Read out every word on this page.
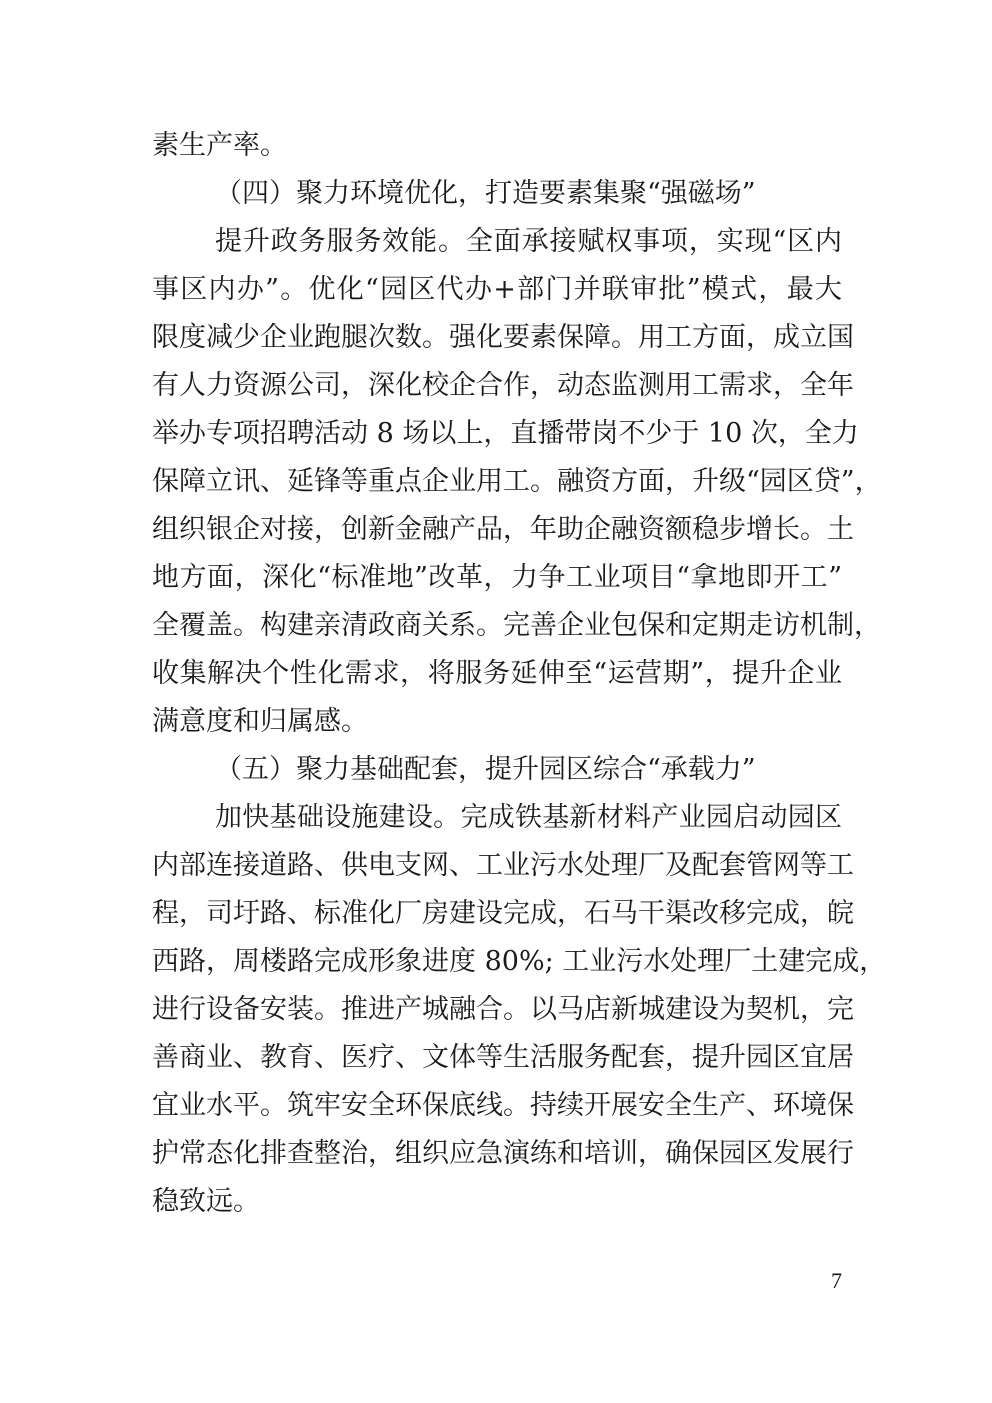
素生产率。
（四）聚力环境优化，打造要素集聚“强磁场”
提升政务服务效能。全面承接赋权事项，实现“区内
事区内办”。优化“园区代办+部门并联审批”模式，最大
限度减少企业跑腿次数。强化要素保障。用工方面，成立国
有人力资源公司，深化校企合作，动态监测用工需求，全年
举办专项招聘活动 8 场以上，直播带岗不少于 10 次，全力
保障立讯、延锋等重点企业用工。融资方面，升级“园区贷”，
组织银企对接，创新金融产品，年助企融资额稳步增长。土
地方面，深化“标准地”改革，力争工业项目“拿地即开工”
全覆盖。构建亲清政商关系。完善企业包保和定期走访机制，
收集解决个性化需求，将服务延伸至“运营期”，提升企业
满意度和归属感。
（五）聚力基础配套，提升园区综合“承载力”
加快基础设施建设。完成铁基新材料产业园启动园区
内部连接道路、供电支网、工业污水处理厂及配套管网等工
程，司圩路、标准化厂房建设完成，石马干渠改移完成，皖
西路，周楼路完成形象进度 80%; 工业污水处理厂土建完成，
进行设备安装。推进产城融合。以马店新城建设为契机，完
善商业、教育、医疗、文体等生活服务配套，提升园区宜居
宜业水平。筑牢安全环保底线。持续开展安全生产、环境保
护常态化排查整治，组织应急演练和培训，确保园区发展行
稳致远。
7
